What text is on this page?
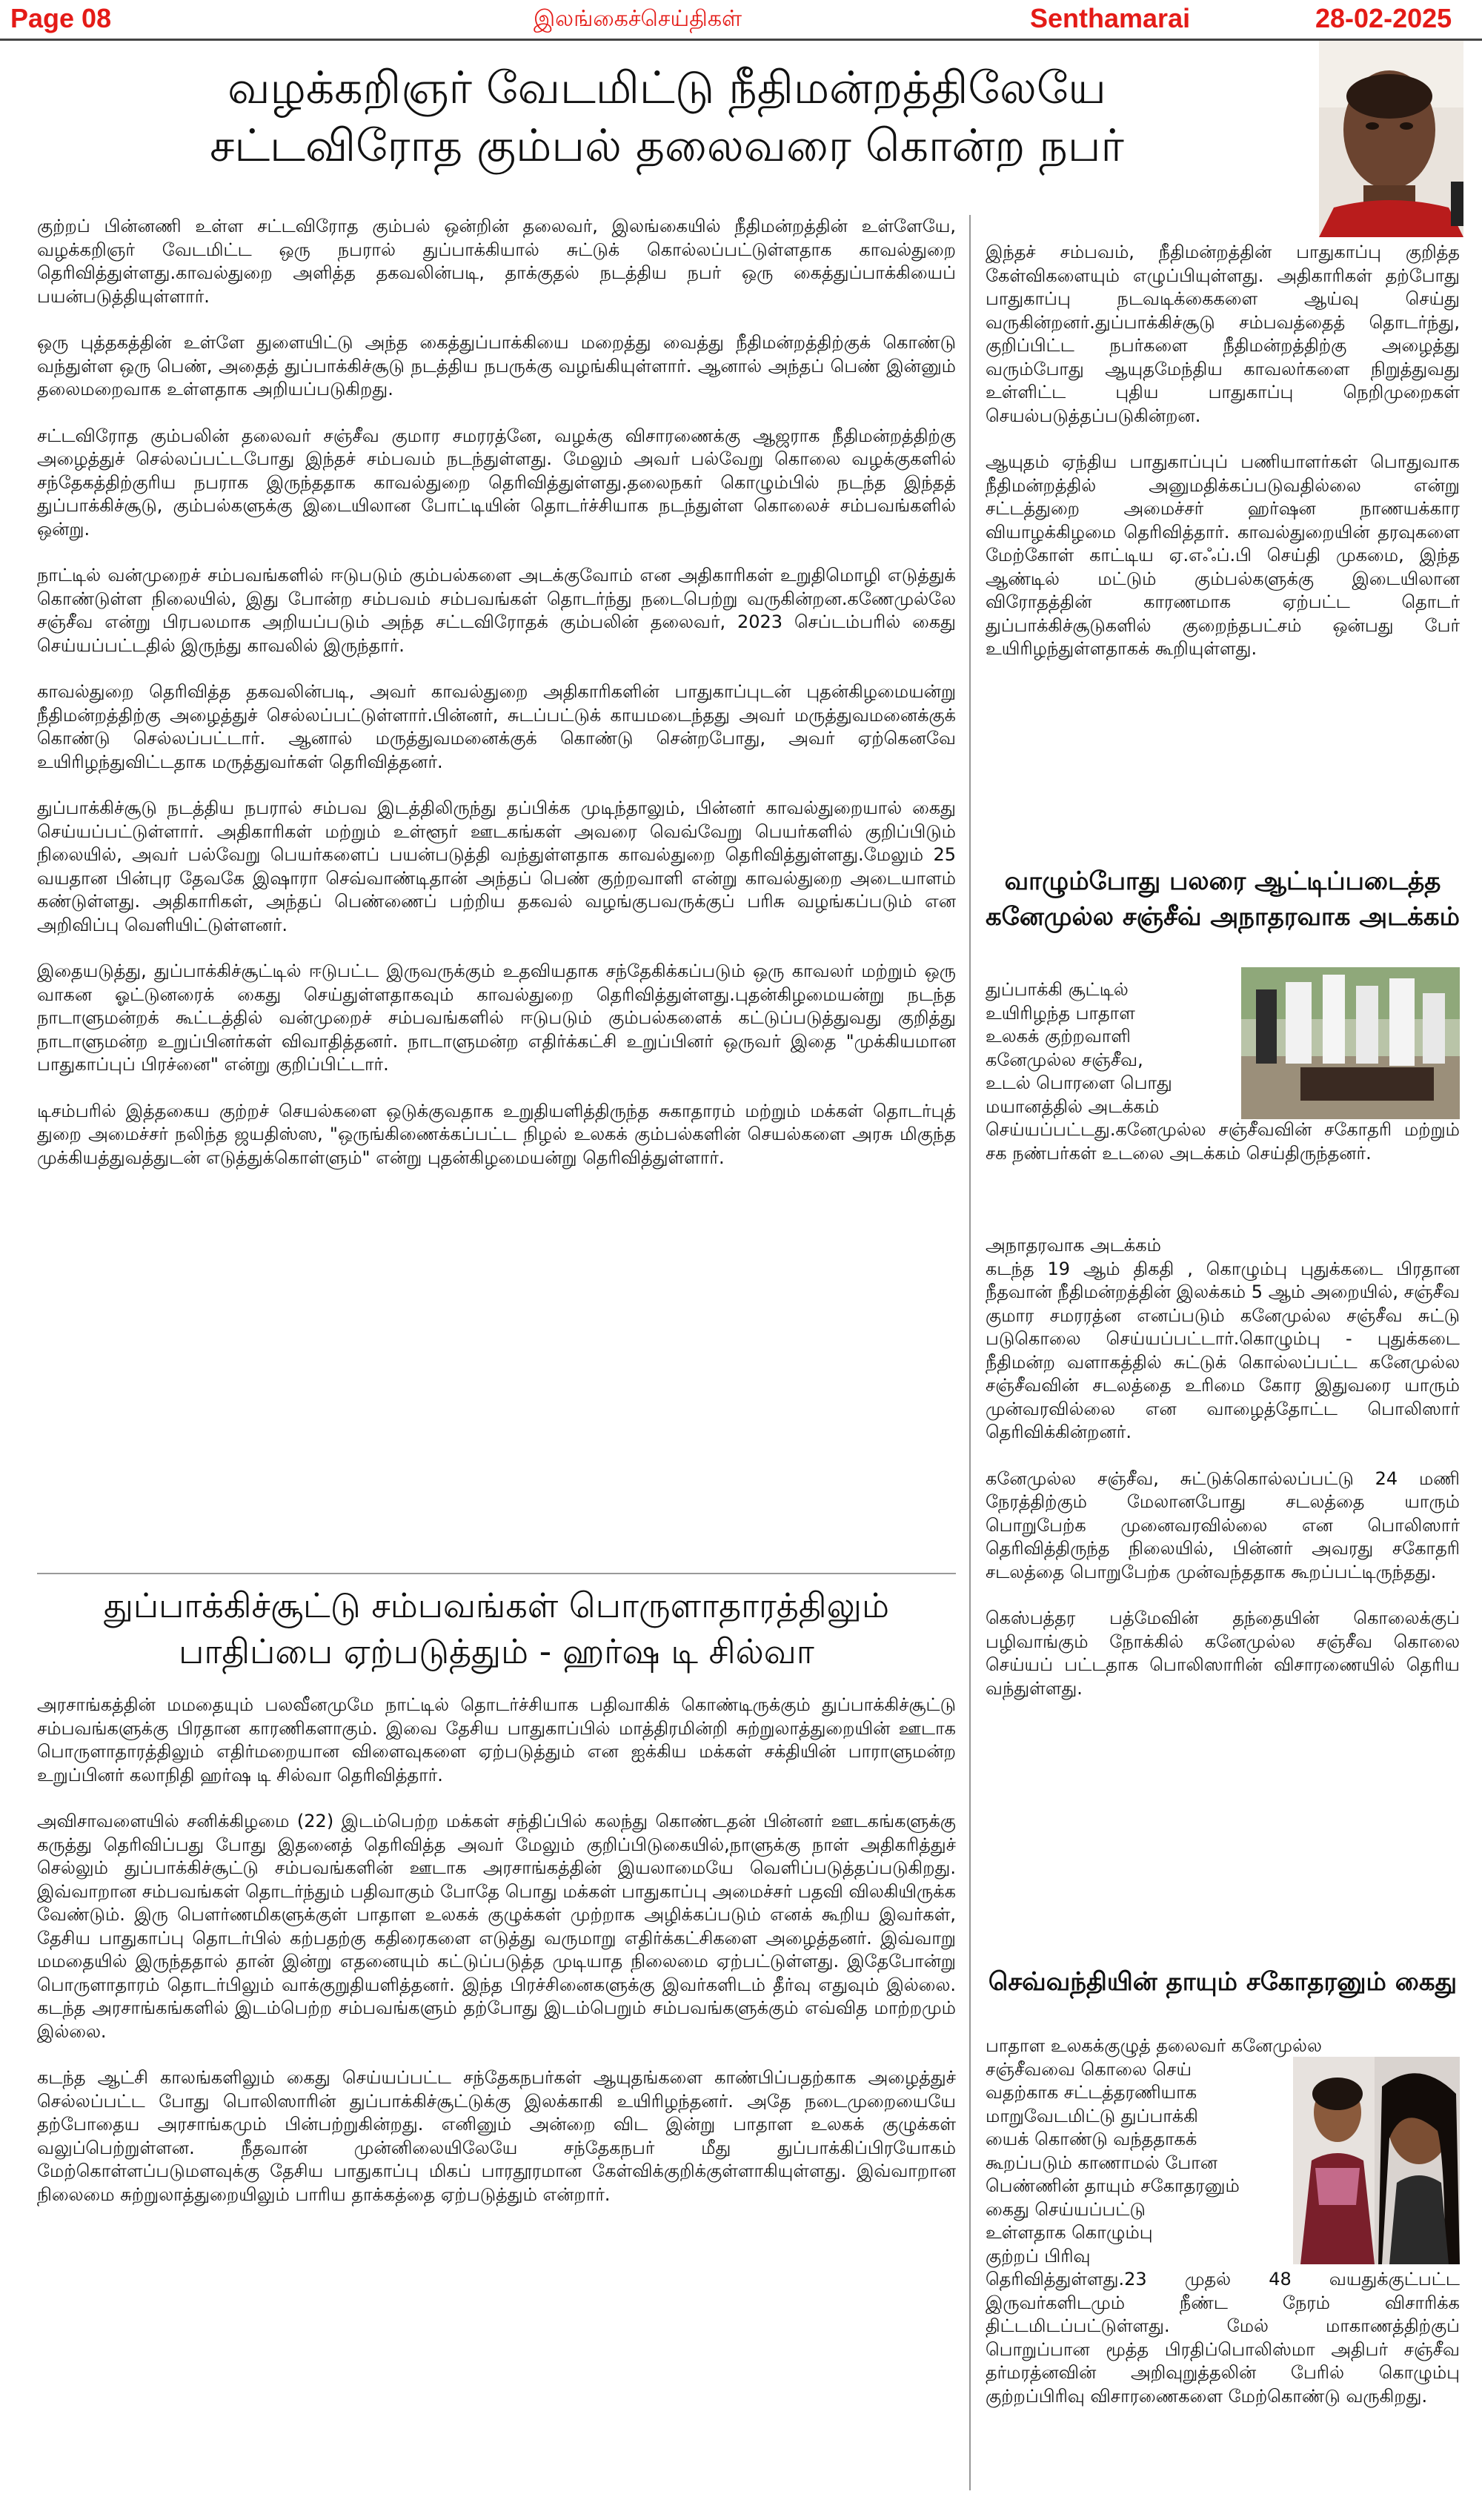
Page 08	இலங்கைச்செய்திகள்	Senthamarai	28-02-2025
வழக்கறிஞர் வேடமிட்டு நீதிமன்றத்திலேயே
சட்டவிரோத கும்பல் தலைவரை கொன்ற நபர்

குற்றப் பின்னணி உள்ள சட்டவிரோத கும்பல் ஒன்றின் தலைவர், இலங்கையில் நீதிமன்றத்தின் உள்ளேயே, வழக்கறிஞர் வேடமிட்ட ஒரு நபரால் துப்பாக்கியால் சுட்டுக் கொல்லப்பட்டுள்ளதாக காவல்துறை தெரிவித்துள்ளது.காவல்துறை அளித்த தகவலின்படி, தாக்குதல் நடத்திய நபர் ஒரு கைத்துப்பாக்கியைப் பயன்படுத்தியுள்ளார்.

ஒரு புத்தகத்தின் உள்ளே துளையிட்டு அந்த கைத்துப்பாக்கியை மறைத்து வைத்து நீதிமன்றத்திற்குக் கொண்டு வந்துள்ள ஒரு பெண், அதைத் துப்பாக்கிச்சூடு நடத்திய நபருக்கு வழங்கியுள்ளார். ஆனால் அந்தப் பெண் இன்னும் தலைமறைவாக உள்ளதாக அறியப்படுகிறது.

சட்டவிரோத கும்பலின் தலைவர் சஞ்சீவ குமார சமரரத்னே, வழக்கு விசாரணைக்கு ஆஜராக நீதிமன்றத்திற்கு அழைத்துச் செல்லப்பட்டபோது இந்தச் சம்பவம் நடந்துள்ளது. மேலும் அவர் பல்வேறு கொலை வழக்குகளில் சந்தேகத்திற்குரிய நபராக இருந்ததாக காவல்துறை தெரிவித்துள்ளது.தலைநகர் கொழும்பில் நடந்த இந்தத் துப்பாக்கிச்சூடு, கும்பல்களுக்கு இடையிலான போட்டியின் தொடர்ச்சியாக நடந்துள்ள கொலைச் சம்பவங்களில் ஒன்று.

நாட்டில் வன்முறைச் சம்பவங்களில் ஈடுபடும் கும்பல்களை அடக்குவோம் என அதிகாரிகள் உறுதிமொழி எடுத்துக் கொண்டுள்ள நிலையில், இது போன்ற சம்பவம் சம்பவங்கள் தொடர்ந்து நடைபெற்று வருகின்றன.கணேமுல்லே சஞ்சீவ என்று பிரபலமாக அறியப்படும் அந்த சட்டவிரோதக் கும்பலின் தலைவர், 2023 செப்டம்பரில் கைது செய்யப்பட்டதில் இருந்து காவலில் இருந்தார்.

காவல்துறை தெரிவித்த தகவலின்படி, அவர் காவல்துறை அதிகாரிகளின் பாதுகாப்புடன் புதன்கிழமையன்று நீதிமன்றத்திற்கு அழைத்துச் செல்லப்பட்டுள்ளார்.பின்னர், சுடப்பட்டுக் காயமடைந்தது அவர் மருத்துவமனைக்குக் கொண்டு செல்லப்பட்டார். ஆனால் மருத்துவமனைக்குக் கொண்டு சென்றபோது, அவர் ஏற்கெனவே உயிரிழந்துவிட்டதாக மருத்துவர்கள் தெரிவித்தனர்.

துப்பாக்கிச்சூடு நடத்திய நபரால் சம்பவ இடத்திலிருந்து தப்பிக்க முடிந்தாலும், பின்னர் காவல்துறையால் கைது செய்யப்பட்டுள்ளார். அதிகாரிகள் மற்றும் உள்ளூர் ஊடகங்கள் அவரை வெவ்வேறு பெயர்களில் குறிப்பிடும் நிலையில், அவர் பல்வேறு பெயர்களைப் பயன்படுத்தி வந்துள்ளதாக காவல்துறை தெரிவித்துள்ளது.மேலும் 25 வயதான பின்புர தேவகே இஷாரா செவ்வாண்டிதான் அந்தப் பெண் குற்றவாளி என்று காவல்துறை அடையாளம் கண்டுள்ளது. அதிகாரிகள், அந்தப் பெண்ணைப் பற்றிய தகவல் வழங்குபவருக்குப் பரிசு வழங்கப்படும் என அறிவிப்பு வெளியிட்டுள்ளனர்.

இதையடுத்து, துப்பாக்கிச்சூட்டில் ஈடுபட்ட இருவருக்கும் உதவியதாக சந்தேகிக்கப்படும் ஒரு காவலர் மற்றும் ஒரு வாகன ஓட்டுனரைக் கைது செய்துள்ளதாகவும் காவல்துறை தெரிவித்துள்ளது.புதன்கிழமையன்று நடந்த நாடாளுமன்றக் கூட்டத்தில் வன்முறைச் சம்பவங்களில் ஈடுபடும் கும்பல்களைக் கட்டுப்படுத்துவது குறித்து நாடாளுமன்ற உறுப்பினர்கள் விவாதித்தனர். நாடாளுமன்ற எதிர்க்கட்சி உறுப்பினர் ஒருவர் இதை "முக்கியமான பாதுகாப்புப் பிரச்னை" என்று குறிப்பிட்டார்.

டிசம்பரில் இத்தகைய குற்றச் செயல்களை ஒடுக்குவதாக உறுதியளித்திருந்த சுகாதாரம் மற்றும் மக்கள் தொடர்புத் துறை அமைச்சர் நலிந்த ஜயதிஸ்ஸ, "ஒருங்கிணைக்கப்பட்ட நிழல் உலகக் கும்பல்களின் செயல்களை அரசு மிகுந்த முக்கியத்துவத்துடன் எடுத்துக்கொள்ளும்" என்று புதன்கிழமையன்று தெரிவித்துள்ளார்.

இந்தச் சம்பவம், நீதிமன்றத்தின் பாதுகாப்பு குறித்த கேள்விகளையும் எழுப்பியுள்ளது. அதிகாரிகள் தற்போது பாதுகாப்பு நடவடிக்கைகளை ஆய்வு செய்து வருகின்றனர்.துப்பாக்கிச்சூடு சம்பவத்தைத் தொடர்ந்து, குறிப்பிட்ட நபர்களை நீதிமன்றத்திற்கு அழைத்து வரும்போது ஆயுதமேந்திய காவலர்களை நிறுத்துவது உள்ளிட்ட புதிய பாதுகாப்பு நெறிமுறைகள் செயல்படுத்தப்படுகின்றன.

ஆயுதம் ஏந்திய பாதுகாப்புப் பணியாளர்கள் பொதுவாக நீதிமன்றத்தில் அனுமதிக்கப்படுவதில்லை என்று சட்டத்துறை அமைச்சர் ஹர்ஷன நாணயக்கார வியாழக்கிழமை தெரிவித்தார். காவல்துறையின் தரவுகளை மேற்கோள் காட்டிய ஏ.எஃப்.பி செய்தி முகமை, இந்த ஆண்டில் மட்டும் கும்பல்களுக்கு இடையிலான விரோதத்தின் காரணமாக ஏற்பட்ட தொடர் துப்பாக்கிச்சூடுகளில் குறைந்தபட்சம் ஒன்பது பேர் உயிரிழந்துள்ளதாகக் கூறியுள்ளது.

வாழும்போது பலரை ஆட்டிப்படைத்த
கனேமுல்ல சஞ்சீவ் அநாதரவாக அடக்கம்
துப்பாக்கி சூட்டில்
உயிரிழந்த பாதாள
உலகக் குற்றவாளி
கனேமுல்ல சஞ்சீவ,
உடல் பொரளை பொது
மயானத்தில் அடக்கம்
செய்யப்பட்டது.கனேமுல்ல சஞ்சீவவின் சகோதரி மற்றும் சக நண்பர்கள் உடலை அடக்கம் செய்திருந்தனர்.
அநாதரவாக அடக்கம்

கடந்த 19 ஆம் திகதி , கொழும்பு புதுக்கடை பிரதான நீதவான் நீதிமன்றத்தின் இலக்கம் 5 ஆம் அறையில், சஞ்சீவ குமார சமரரத்ன எனப்படும் கனேமுல்ல சஞ்சீவ சுட்டு படுகொலை செய்யப்பட்டார்.கொழும்பு - புதுக்கடை நீதிமன்ற வளாகத்தில் சுட்டுக் கொல்லப்பட்ட கனேமுல்ல சஞ்சீவவின் சடலத்தை உரிமை கோர இதுவரை யாரும் முன்வரவில்லை என வாழைத்தோட்ட பொலிஸார் தெரிவிக்கின்றனர்.

கனேமுல்ல சஞ்சீவ, சுட்டுக்கொல்லப்பட்டு 24 மணி நேரத்திற்கும் மேலானபோது சடலத்தை யாரும் பொறுபேற்க முனைவரவில்லை என பொலிஸார் தெரிவித்திருந்த நிலையில், பின்னர் அவரது சகோதரி சடலத்தை பொறுபேற்க முன்வந்ததாக கூறப்பட்டிருந்தது.

கெஸ்பத்தர பத்மேவின் தந்தையின் கொலைக்குப் பழிவாங்கும் நோக்கில் கனேமுல்ல சஞ்சீவ கொலை செய்யப் பட்டதாக பொலிஸாரின் விசாரணையில் தெரிய வந்துள்ளது.

செவ்வந்தியின் தாயும் சகோதரனும் கைது
பாதாள உலகக்குழுத் தலைவர் கனேமுல்ல
சஞ்சீவவை கொலை செய்
வதற்காக சட்டத்தரணியாக
மாறுவேடமிட்டு துப்பாக்கி
யைக் கொண்டு வந்ததாகக்
கூறப்படும் காணாமல் போன
பெண்ணின் தாயும் சகோதரனும்
கைது செய்யப்பட்டு
உள்ளதாக கொழும்பு
குற்றப் பிரிவு
தெரிவித்துள்ளது.23 முதல் 48 வயதுக்குட்பட்ட இருவர்களிடமும் நீண்ட நேரம் விசாரிக்க திட்டமிடப்பட்டுள்ளது. மேல் மாகாணத்திற்குப் பொறுப்பான மூத்த பிரதிப்பொலிஸ்மா அதிபர் சஞ்சீவ தர்மரத்னவின் அறிவுறுத்தலின் பேரில் கொழும்பு குற்றப்பிரிவு விசாரணைகளை மேற்கொண்டு வருகிறது.
துப்பாக்கிச்சூட்டு சம்பவங்கள் பொருளாதாரத்திலும்
பாதிப்பை ஏற்படுத்தும் - ஹர்ஷ டி சில்வா

அரசாங்கத்தின் மமதையும் பலவீனமுமே நாட்டில் தொடர்ச்சியாக பதிவாகிக் கொண்டிருக்கும் துப்பாக்கிச்சூட்டு சம்பவங்களுக்கு பிரதான காரணிகளாகும். இவை தேசிய பாதுகாப்பில் மாத்திரமின்றி சுற்றுலாத்துறையின் ஊடாக பொருளாதாரத்திலும் எதிர்மறையான விளைவுகளை ஏற்படுத்தும் என ஐக்கிய மக்கள் சக்தியின் பாராளுமன்ற உறுப்பினர் கலாநிதி ஹர்ஷ டி சில்வா தெரிவித்தார்.

அவிசாவளையில் சனிக்கிழமை (22) இடம்பெற்ற மக்கள் சந்திப்பில் கலந்து கொண்டதன் பின்னர் ஊடகங்களுக்கு கருத்து தெரிவிப்பது போது இதனைத் தெரிவித்த அவர் மேலும் குறிப்பிடுகையில்,நாளுக்கு நாள் அதிகரித்துச் செல்லும் துப்பாக்கிச்சூட்டு சம்பவங்களின் ஊடாக அரசாங்கத்தின் இயலாமையே வெளிப்படுத்தப்படுகிறது. இவ்வாறான சம்பவங்கள் தொடர்ந்தும் பதிவாகும் போதே பொது மக்கள் பாதுகாப்பு அமைச்சர் பதவி விலகியிருக்க வேண்டும். இரு பௌர்ணமிகளுக்குள் பாதாள உலகக் குழுக்கள் முற்றாக அழிக்கப்படும் எனக் கூறிய இவர்கள், தேசிய பாதுகாப்பு தொடர்பில் கற்பதற்கு கதிரைகளை எடுத்து வருமாறு எதிர்க்கட்சிகளை அழைத்தனர். இவ்வாறு மமதையில் இருந்ததால் தான் இன்று எதனையும் கட்டுப்படுத்த முடியாத நிலைமை ஏற்பட்டுள்ளது. இதேபோன்று பொருளாதாரம் தொடர்பிலும் வாக்குறுதியளித்தனர். இந்த பிரச்சினைகளுக்கு இவர்களிடம் தீர்வு எதுவும் இல்லை. கடந்த அரசாங்கங்களில் இடம்பெற்ற சம்பவங்களும் தற்போது இடம்பெறும் சம்பவங்களுக்கும் எவ்வித மாற்றமும் இல்லை.

கடந்த ஆட்சி காலங்களிலும் கைது செய்யப்பட்ட சந்தேகநபர்கள் ஆயுதங்களை காண்பிப்பதற்காக அழைத்துச் செல்லப்பட்ட போது பொலிஸாரின் துப்பாக்கிச்சூட்டுக்கு இலக்காகி உயிரிழந்தனர். அதே நடைமுறையையே தற்போதைய அரசாங்கமும் பின்பற்றுகின்றது. எனினும் அன்றை விட இன்று பாதாள உலகக் குழுக்கள் வலுப்பெற்றுள்ளன. நீதவான் முன்னிலையிலேயே சந்தேகநபர் மீது துப்பாக்கிப்பிரயோகம் மேற்கொள்ளப்படுமளவுக்கு தேசிய பாதுகாப்பு மிகப் பாரதூரமான கேள்விக்குறிக்குள்ளாகியுள்ளது. இவ்வாறான நிலைமை சுற்றுலாத்துறையிலும் பாரிய தாக்கத்தை ஏற்படுத்தும் என்றார்.
